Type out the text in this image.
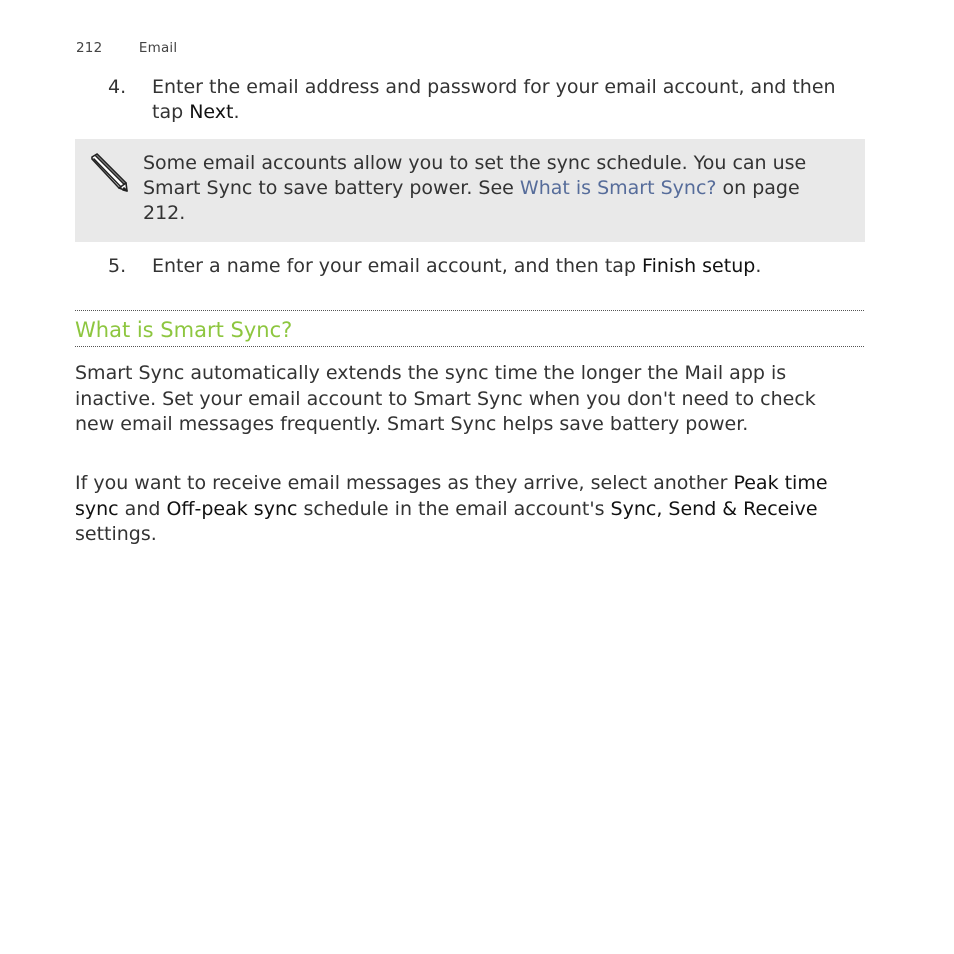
212	Email
4.	Enter the email address and password for your email account, and then tap Next.
Some email accounts allow you to set the sync schedule. You can use Smart Sync to save battery power. See What is Smart Sync? on page 212.
5.	Enter a name for your email account, and then tap Finish setup.
What is Smart Sync?

Smart Sync automatically extends the sync time the longer the Mail app is inactive. Set your email account to Smart Sync when you don't need to check new email messages frequently. Smart Sync helps save battery power.

If you want to receive email messages as they arrive, select another Peak time sync and Off-peak sync schedule in the email account's Sync, Send & Receive settings.
